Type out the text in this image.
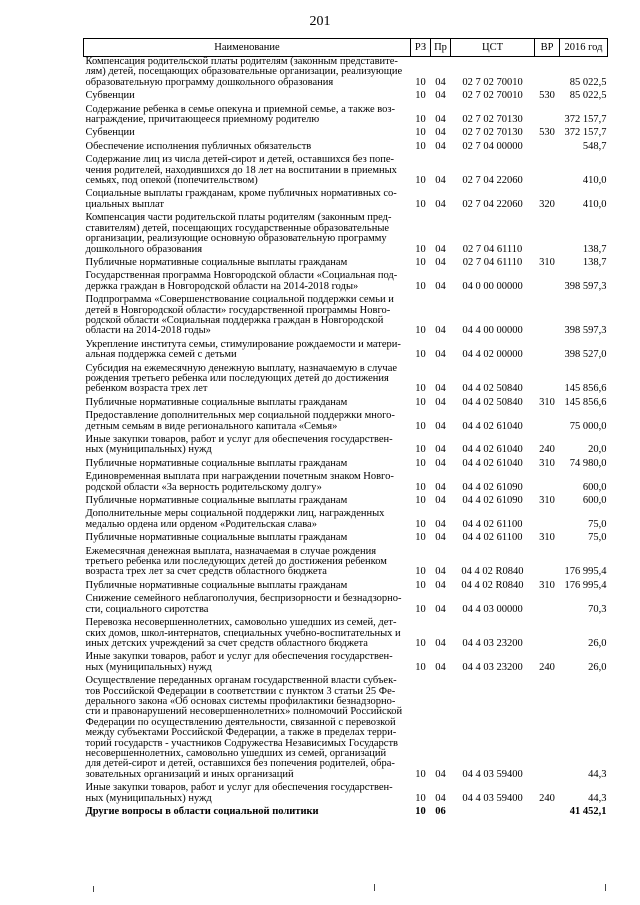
201
Наименование	РЗ	Пр	ЦСТ	ВР	2016 год
Компенсация родительской платы родителям (законным представите-лям) детей, посещающих образовательные организации, реализующие образовательную программу дошкольного образования	10	04	02 7 02 70010		85 022,5
Субвенции	10	04	02 7 02 70010	530	85 022,5
Содержание ребенка в семье опекуна и приемной семье, а также воз-награждение, причитающееся приемному родителю	10	04	02 7 02 70130		372 157,7
Субвенции	10	04	02 7 02 70130	530	372 157,7
Обеспечение исполнения публичных обязательств	10	04	02 7 04 00000		548,7
Содержание лиц из числа детей-сирот и детей, оставшихся без попе-чения родителей, находившихся до 18 лет на воспитании в приемных семьях, под опекой (попечительством)	10	04	02 7 04 22060		410,0
Социальные выплаты гражданам, кроме публичных нормативных со-циальных выплат	10	04	02 7 04 22060	320	410,0
Компенсация части родительской платы родителям (законным пред-ставителям) детей, посещающих государственные образовательные организации, реализующие основную образовательную программу дошкольного образования	10	04	02 7 04 61110		138,7
Публичные нормативные социальные выплаты гражданам	10	04	02 7 04 61110	310	138,7
Государственная программа Новгородской области «Социальная под-держка граждан в Новгородской области на 2014-2018 годы»	10	04	04 0 00 00000		398 597,3
Подпрограмма «Совершенствование социальной поддержки семьи и детей в Новгородской области» государственной программы Новго-родской области «Социальная поддержка граждан в Новгородской области на 2014-2018 годы»	10	04	04 4 00 00000		398 597,3
Укрепление института семьи, стимулирование рождаемости и матери-альная поддержка семей с детьми	10	04	04 4 02 00000		398 527,0
Субсидия на ежемесячную денежную выплату, назначаемую в случае рождения третьего ребенка или последующих детей до достижения ребенком возраста трех лет	10	04	04 4 02 50840		145 856,6
Публичные нормативные социальные выплаты гражданам	10	04	04 4 02 50840	310	145 856,6
Предоставление дополнительных мер социальной поддержки много-детным семьям в виде регионального капитала «Семья»	10	04	04 4 02 61040		75 000,0
Иные закупки товаров, работ и услуг для обеспечения государствен-ных (муниципальных) нужд	10	04	04 4 02 61040	240	20,0
Публичные нормативные социальные выплаты гражданам	10	04	04 4 02 61040	310	74 980,0
Единовременная выплата при награждении почетным знаком Новго-родской области «За верность родительскому долгу»	10	04	04 4 02 61090		600,0
Публичные нормативные социальные выплаты гражданам	10	04	04 4 02 61090	310	600,0
Дополнительные меры социальной поддержки лиц, награжденных медалью ордена или орденом «Родительская слава»	10	04	04 4 02 61100		75,0
Публичные нормативные социальные выплаты гражданам	10	04	04 4 02 61100	310	75,0
Ежемесячная денежная выплата, назначаемая в случае рождения третьего ребенка или последующих детей до достижения ребенком возраста трех лет за счет средств областного бюджета	10	04	04 4 02 R0840		176 995,4
Публичные нормативные социальные выплаты гражданам	10	04	04 4 02 R0840	310	176 995,4
Снижение семейного неблагополучия, беспризорности и безнадзорно-сти, социального сиротства	10	04	04 4 03 00000		70,3
Перевозка несовершеннолетних, самовольно ушедших из семей, дет-ских домов, школ-интернатов, специальных учебно-воспитательных и иных детских учреждений за счет средств областного бюджета	10	04	04 4 03 23200		26,0
Иные закупки товаров, работ и услуг для обеспечения государствен-ных (муниципальных) нужд	10	04	04 4 03 23200	240	26,0
Осуществление переданных органам государственной власти субъек-тов Российской Федерации в соответствии с пунктом 3 статьи 25 Фе-дерального закона «Об основах системы профилактики безнадзорно-сти и правонарушений несовершеннолетних» полномочий Российской Федерации по осуществлению деятельности, связанной с перевозкой между субъектами Российской Федерации, а также в пределах терри-торий государств - участников Содружества Независимых Государств несовершеннолетних, самовольно ушедших из семей, организаций для детей-сирот и детей, оставшихся без попечения родителей, обра-зовательных организаций и иных организаций	10	04	04 4 03 59400		44,3
Иные закупки товаров, работ и услуг для обеспечения государствен-ных (муниципальных) нужд	10	04	04 4 03 59400	240	44,3
Другие вопросы в области социальной политики	10	06			41 452,1
